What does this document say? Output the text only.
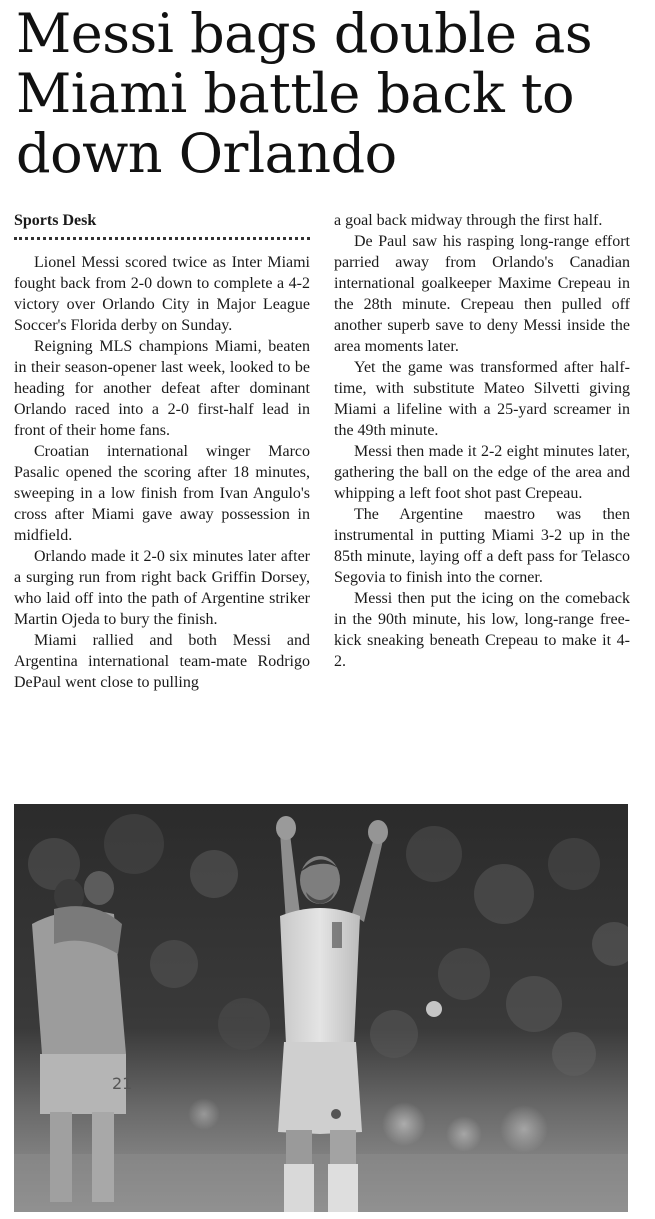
Messi bags double as Miami battle back to down Orlando
Sports Desk

Lionel Messi scored twice as Inter Miami fought back from 2-0 down to complete a 4-2 victory over Orlando City in Major League Soccer's Florida derby on Sunday.

Reigning MLS champions Miami, beaten in their season-opener last week, looked to be heading for another defeat after dominant Orlando raced into a 2-0 first-half lead in front of their home fans.

Croatian international winger Marco Pasalic opened the scoring after 18 minutes, sweeping in a low finish from Ivan Angulo's cross after Miami gave away possession in midfield.

Orlando made it 2-0 six minutes later after a surging run from right back Griffin Dorsey, who laid off into the path of Argentine striker Martin Ojeda to bury the finish.

Miami rallied and both Messi and Argentina international team-mate Rodrigo DePaul went close to pulling

a goal back midway through the first half.

De Paul saw his rasping long-range effort parried away from Orlando's Canadian international goalkeeper Maxime Crepeau in the 28th minute. Crepeau then pulled off another superb save to deny Messi inside the area moments later.

Yet the game was transformed after half-time, with substitute Mateo Silvetti giving Miami a lifeline with a 25-yard screamer in the 49th minute.

Messi then made it 2-2 eight minutes later, gathering the ball on the edge of the area and whipping a left foot shot past Crepeau.

The Argentine maestro was then instrumental in putting Miami 3-2 up in the 85th minute, laying off a deft pass for Telasco Segovia to finish into the corner.

Messi then put the icing on the comeback in the 90th minute, his low, long-range free-kick sneaking beneath Crepeau to make it 4-2.

21
